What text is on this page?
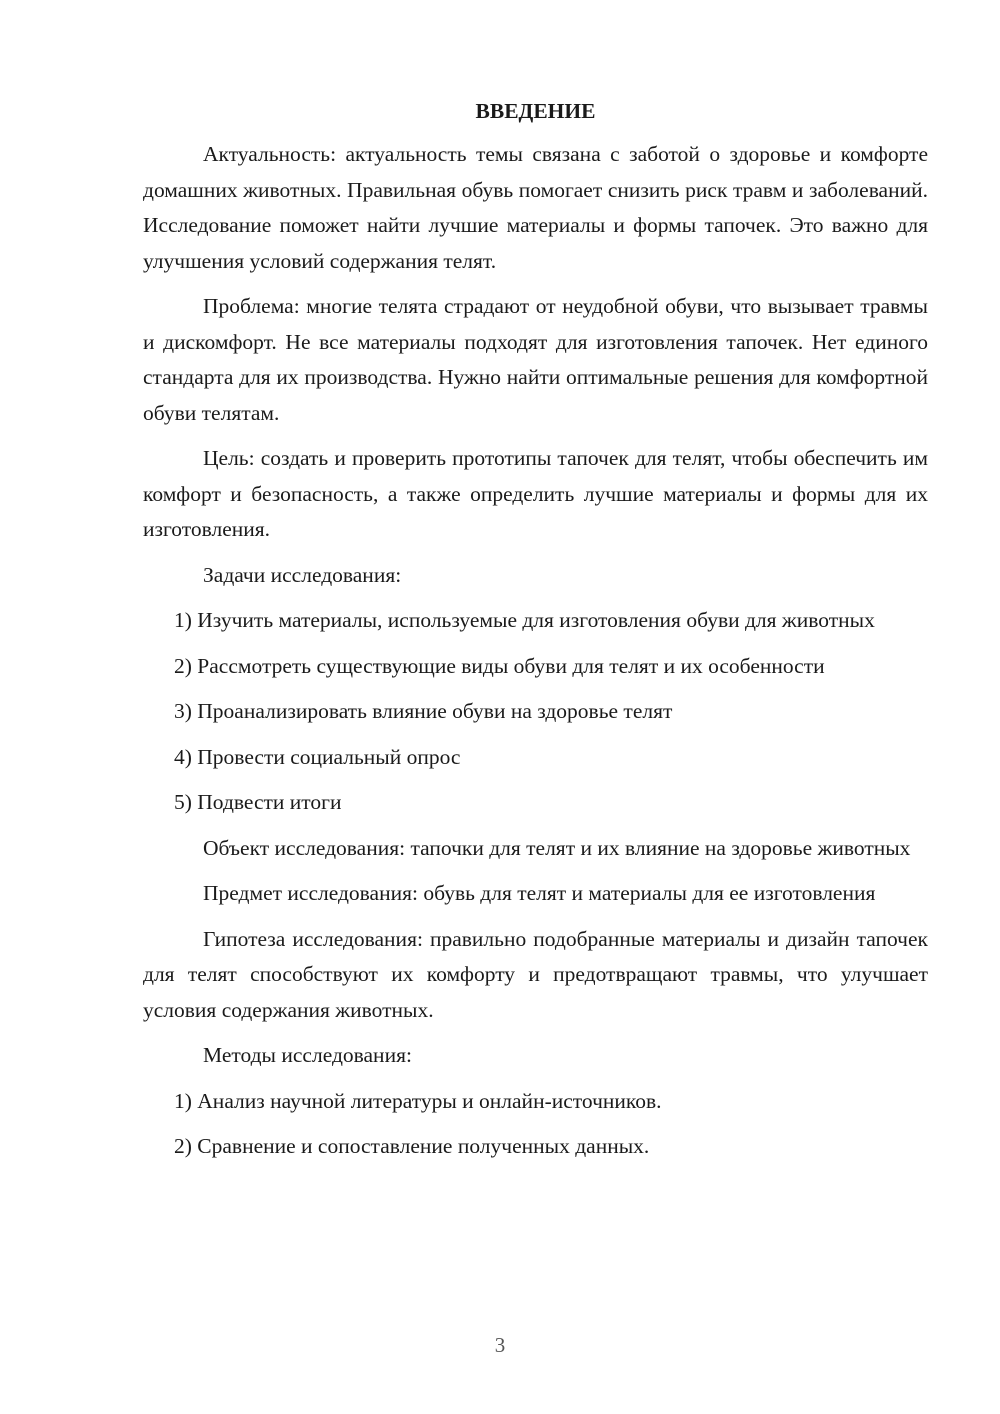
ВВЕДЕНИЕ

Актуальность: актуальность темы связана с заботой о здоровье и комфорте домашних животных. Правильная обувь помогает снизить риск травм и заболеваний. Исследование поможет найти лучшие материалы и формы тапочек. Это важно для улучшения условий содержания телят.

Проблема: многие телята страдают от неудобной обуви, что вызывает травмы и дискомфорт. Не все материалы подходят для изготовления тапочек. Нет единого стандарта для их производства. Нужно найти оптимальные решения для комфортной обуви телятам.

Цель: создать и проверить прототипы тапочек для телят, чтобы обеспечить им комфорт и безопасность, а также определить лучшие материалы и формы для их изготовления.

Задачи исследования:

1) Изучить материалы, используемые для изготовления обуви для животных

2) Рассмотреть существующие виды обуви для телят и их особенности

3) Проанализировать влияние обуви на здоровье телят

4) Провести социальный опрос

5) Подвести итоги

Объект исследования: тапочки для телят и их влияние на здоровье животных

Предмет исследования: обувь для телят и материалы для ее изготовления

Гипотеза исследования: правильно подобранные материалы и дизайн тапочек для телят способствуют их комфорту и предотвращают травмы, что улучшает условия содержания животных.

Методы исследования:

1) Анализ научной литературы и онлайн-источников.

2) Сравнение и сопоставление полученных данных.

3
